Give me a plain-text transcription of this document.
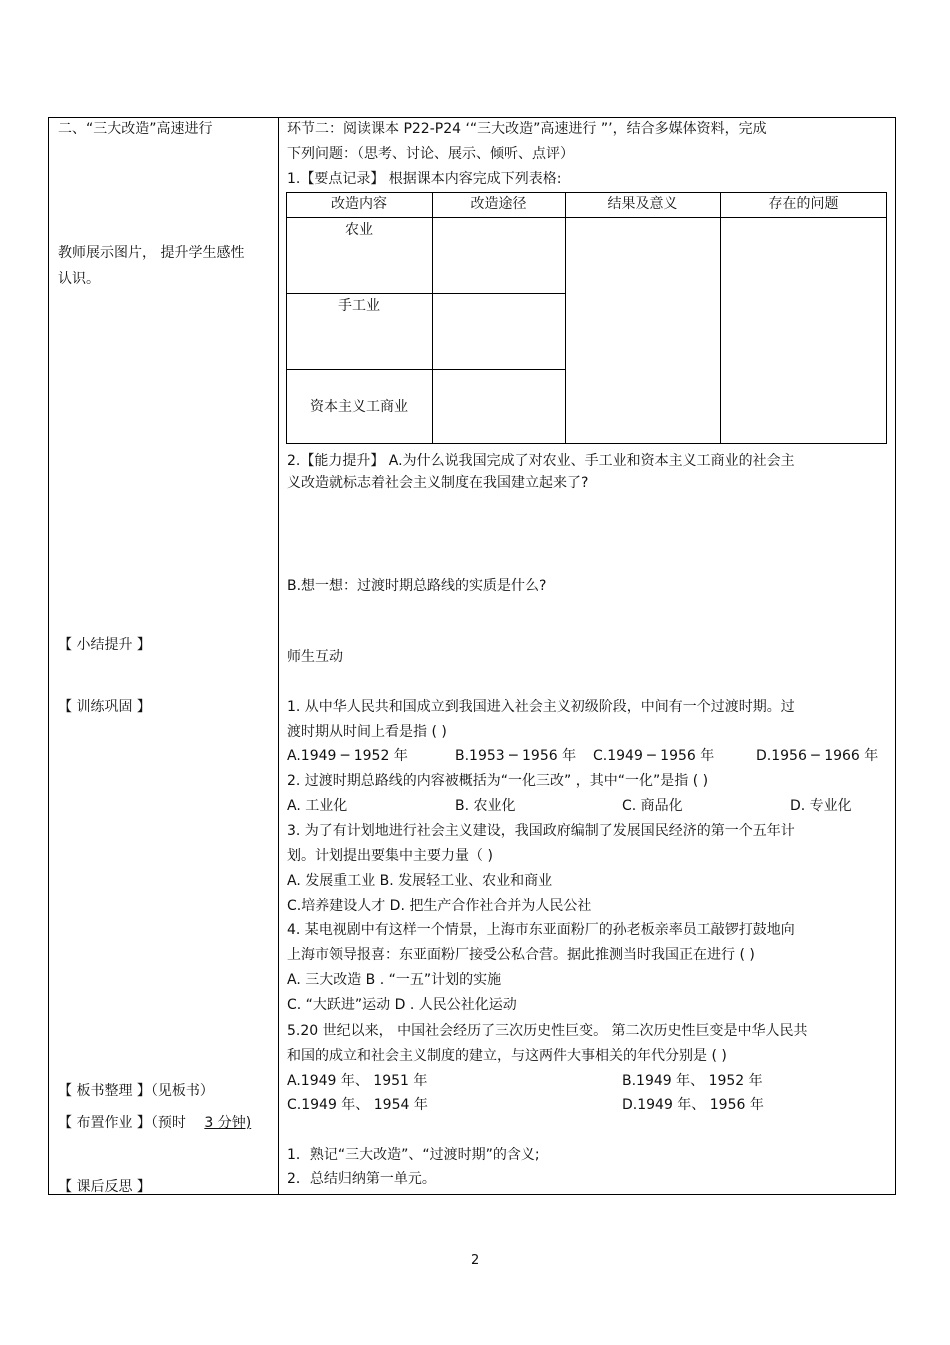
二、“三大改造”高速进行
教师展示图片， 提升学生感性
认识。
【 小结提升 】
【 训练巩固 】
【 板书整理 】（见板书）
【 布置作业 】（预时 3 分钟)
【 课后反思 】
环节二：阅读课本 P22-P24 ‘“三大改造”高速进行 ”’，结合多媒体资料，完成
下列问题：（思考、讨论、展示、倾听、点评）
1.【要点记录】 根据课本内容完成下列表格:
改造内容	改造途径	结果及意义	存在的问题
农业
手工业
资本主义工商业
2.【能力提升】 A.为什么说我国完成了对农业、手工业和资本主义工商业的社会主
义改造就标志着社会主义制度在我国建立起来了?
B.想一想：过渡时期总路线的实质是什么?
师生互动
1. 从中华人民共和国成立到我国进入社会主义初级阶段，中间有一个过渡时期。过
渡时期从时间上看是指 ( )
A.1949 ─ 1952 年	B.1953 ─ 1956 年 C.1949 ─ 1956 年	D.1956 ─ 1966 年
2. 过渡时期总路线的内容被概括为“一化三改” ，其中“一化”是指 ( )
A. 工业化	B. 农业化	C. 商品化	D. 专业化
3. 为了有计划地进行社会主义建设，我国政府编制了发展国民经济的第一个五年计
划。计划提出要集中主要力量（ )
A. 发展重工业 B. 发展轻工业、农业和商业
C.培养建设人才 D. 把生产合作社合并为人民公社
4. 某电视剧中有这样一个情景，上海市东亚面粉厂的孙老板亲率员工敲锣打鼓地向
上海市领导报喜：东亚面粉厂接受公私合营。据此推测当时我国正在进行 ( )
A. 三大改造 B . “一五”计划的实施
C. “大跃进”运动 D . 人民公社化运动
5.20 世纪以来， 中国社会经历了三次历史性巨变。 第二次历史性巨变是中华人民共
和国的成立和社会主义制度的建立，与这两件大事相关的年代分别是 ( )
A.1949 年、 1951 年	B.1949 年、 1952 年
C.1949 年、 1954 年	D.1949 年、 1956 年
1．熟记“三大改造”、“过渡时期”的含义;
2．总结归纳第一单元。
2
